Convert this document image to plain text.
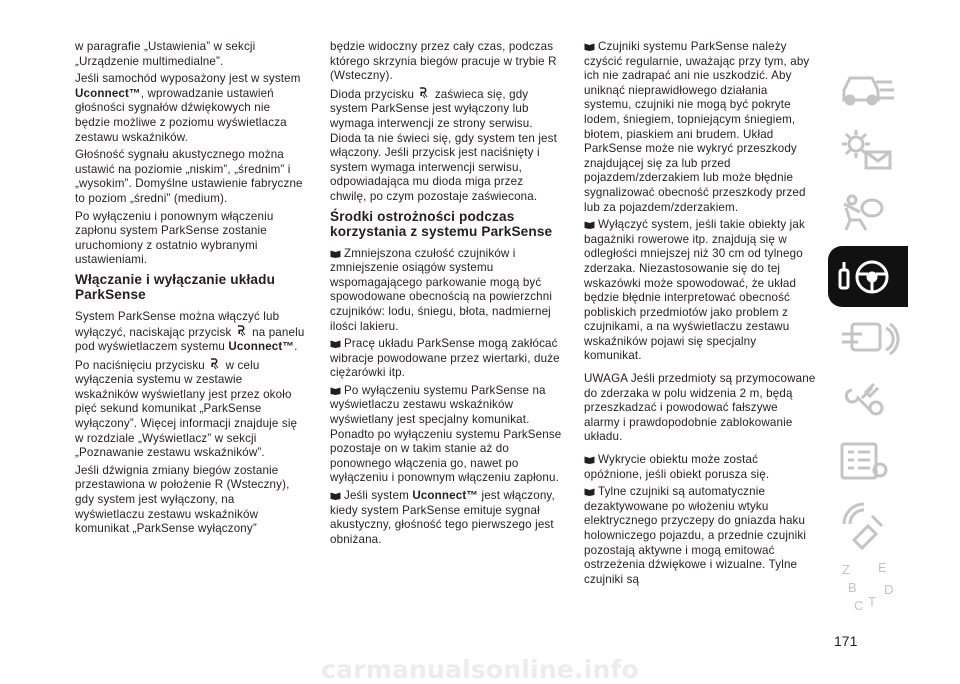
w paragrafie „Ustawienia” w sekcji „Urządzenie multimedialne”.

Jeśli samochód wyposażony jest w system Uconnect™, wprowadzanie ustawień głośności sygnałów dźwiękowych nie będzie możliwe z poziomu wyświetlacza zestawu wskaźników.

Głośność sygnału akustycznego można ustawić na poziomie „niskim”, „średnim” i „wysokim”. Domyślne ustawienie fabryczne to poziom „średni” (medium).

Po wyłączeniu i ponownym włączeniu zapłonu system ParkSense zostanie uruchomiony z ostatnio wybranymi ustawieniami.

Włączanie i wyłączanie układu ParkSense

System ParkSense można włączyć lub wyłączyć, naciskając przycisk  na panelu pod wyświetlaczem systemu Uconnect™.

Po naciśnięciu przycisku  w celu wyłączenia systemu w zestawie wskaźników wyświetlany jest przez około pięć sekund komunikat „ParkSense wyłączony”. Więcej informacji znajduje się w rozdziale „Wyświetlacz” w sekcji „Poznawanie zestawu wskaźników”.

Jeśli dźwignia zmiany biegów zostanie przestawiona w położenie R (Wsteczny), gdy system jest wyłączony, na wyświetlaczu zestawu wskaźników komunikat „ParkSense wyłączony”

będzie widoczny przez cały czas, podczas którego skrzynia biegów pracuje w trybie R (Wsteczny).

Dioda przycisku  zaświeca się, gdy system ParkSense jest wyłączony lub wymaga interwencji ze strony serwisu. Dioda ta nie świeci się, gdy system ten jest włączony. Jeśli przycisk jest naciśnięty i system wymaga interwencji serwisu, odpowiadająca mu dioda miga przez chwilę, po czym pozostaje zaświecona.

Środki ostrożności podczas korzystania z systemu ParkSense

Zmniejszona czułość czujników i zmniejszenie osiągów systemu wspomagającego parkowanie mogą być spowodowane obecnością na powierzchni czujników: lodu, śniegu, błota, nadmiernej ilości lakieru.

Pracę układu ParkSense mogą zakłócać wibracje powodowane przez wiertarki, duże ciężarówki itp.

Po wyłączeniu systemu ParkSense na wyświetlaczu zestawu wskaźników wyświetlany jest specjalny komunikat. Ponadto po wyłączeniu systemu ParkSense pozostaje on w takim stanie aż do ponownego włączenia go, nawet po wyłączeniu i ponownym włączeniu zapłonu.

Jeśli system Uconnect™ jest włączony, kiedy system ParkSense emituje sygnał akustyczny, głośność tego pierwszego jest obniżana.

Czujniki systemu ParkSense należy czyścić regularnie, uważając przy tym, aby ich nie zadrapać ani nie uszkodzić. Aby uniknąć nieprawidłowego działania systemu, czujniki nie mogą być pokryte lodem, śniegiem, topniejącym śniegiem, błotem, piaskiem ani brudem. Układ ParkSense może nie wykryć przeszkody znajdującej się za lub przed pojazdem/zderzakiem lub może błędnie sygnalizować obecność przeszkody przed lub za pojazdem/zderzakiem.

Wyłączyć system, jeśli takie obiekty jak bagażniki rowerowe itp. znajdują się w odległości mniejszej niż 30 cm od tylnego zderzaka. Niezastosowanie się do tej wskazówki może spowodować, że układ będzie błędnie interpretować obecność pobliskich przedmiotów jako problem z czujnikami, a na wyświetlaczu zestawu wskaźników pojawi się specjalny komunikat.

UWAGA Jeśli przedmioty są przymocowane do zderzaka w polu widzenia 2 m, będą przeszkadzać i powodować fałszywe alarmy i prawdopodobnie zablokowanie układu.

Wykrycie obiektu może zostać opóźnione, jeśli obiekt porusza się.

Tylne czujniki są automatycznie dezaktywowane po włożeniu wtyku elektrycznego przyczepy do gniazda haku holowniczego pojazdu, a przednie czujniki pozostają aktywne i mogą emitować ostrzeżenia dźwiękowe i wizualne. Tylne czujniki są

Z E
B
C T
D
171
carmanualsonline.info
